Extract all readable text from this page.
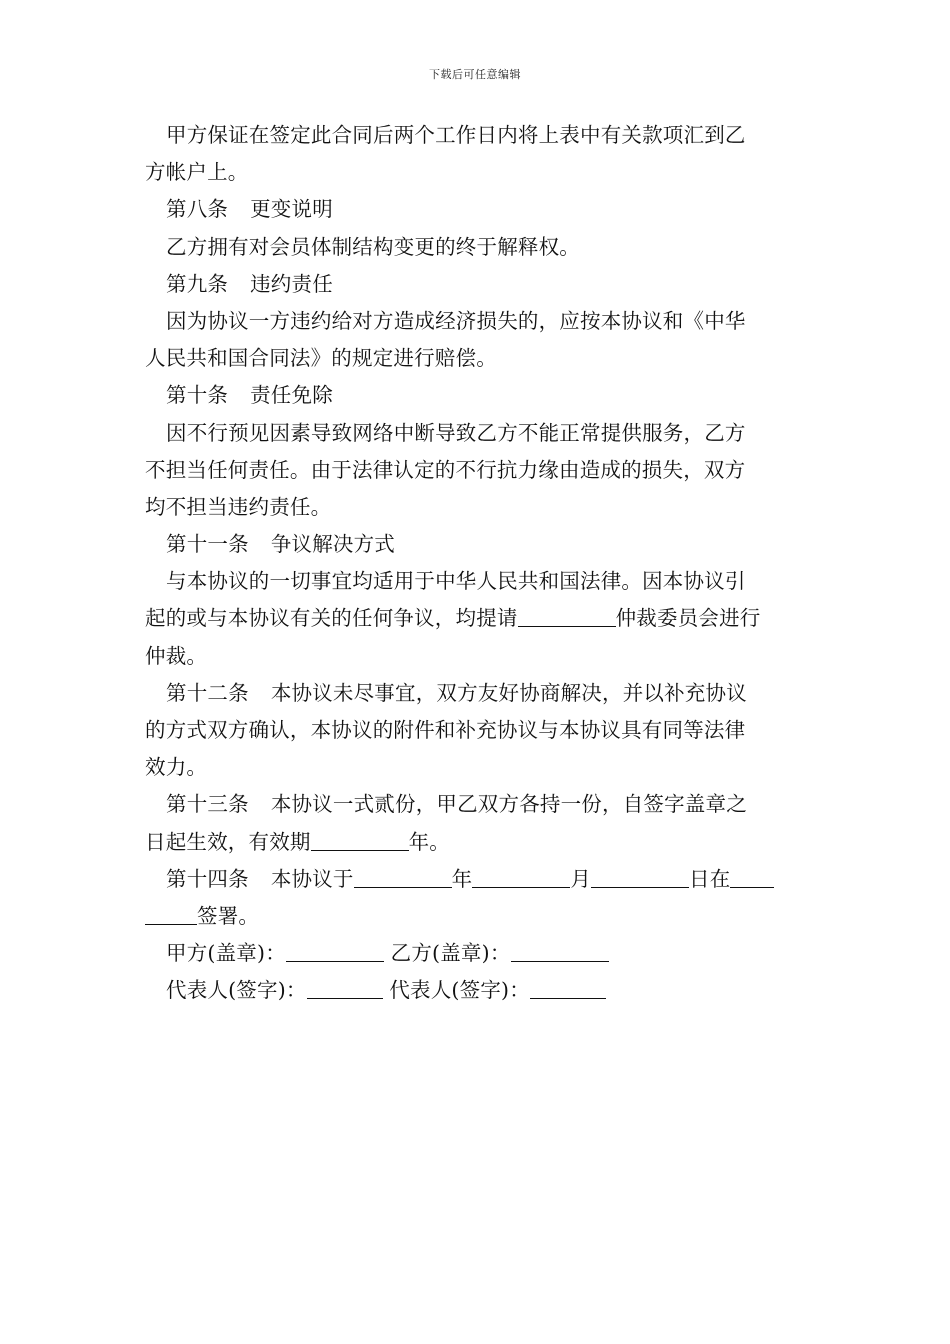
下载后可任意编辑
甲方保证在签定此合同后两个工作日内将上表中有关款项汇到乙
方帐户上。
第八条 更变说明
乙方拥有对会员体制结构变更的终于解释权。
第九条 违约责任
因为协议一方违约给对方造成经济损失的，应按本协议和《中华
人民共和国合同法》的规定进行赔偿。
第十条 责任免除
因不行预见因素导致网络中断导致乙方不能正常提供服务，乙方
不担当任何责任。由于法律认定的不行抗力缘由造成的损失，双方
均不担当违约责任。
第十一条 争议解决方式
与本协议的一切事宜均适用于中华人民共和国法律。因本协议引
起的或与本协议有关的任何争议，均提请	仲裁委员会进行
仲裁。
第十二条 本协议未尽事宜，双方友好协商解决，并以补充协议
的方式双方确认，本协议的附件和补充协议与本协议具有同等法律
效力。
第十三条 本协议一式贰份，甲乙双方各持一份，自签字盖章之
日起生效，有效期	年。
第十四条 本协议于	年	月	日在
签署。
甲方(盖章)：	乙方(盖章)：
代表人(签字)：	代表人(签字)：
